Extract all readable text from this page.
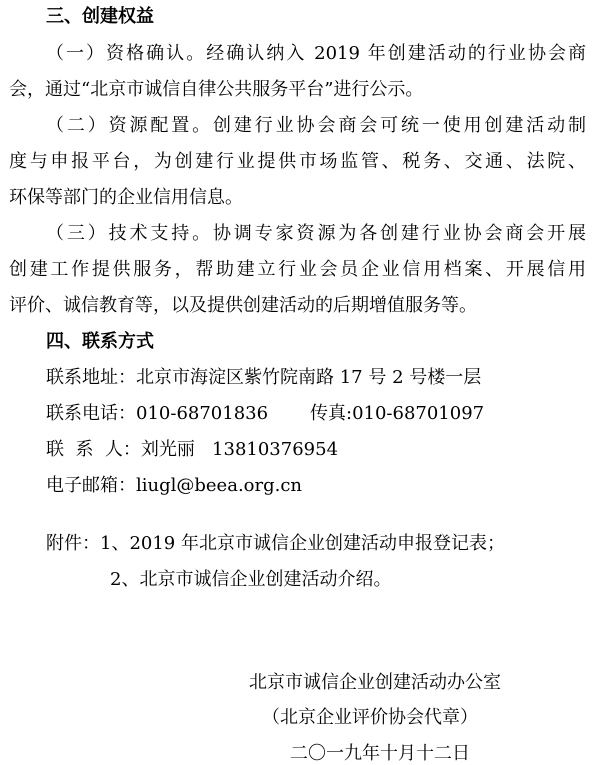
三、创建权益
（一）资格确认。经确认纳入 2019 年创建活动的行业协会商
会，通过“北京市诚信自律公共服务平台”进行公示。
（二）资源配置。创建行业协会商会可统一使用创建活动制
度与申报平台，为创建行业提供市场监管、税务、交通、法院、
环保等部门的企业信用信息。
（三）技术支持。协调专家资源为各创建行业协会商会开展
创建工作提供服务，帮助建立行业会员企业信用档案、开展信用
评价、诚信教育等，以及提供创建活动的后期增值服务等。
四、联系方式
联系地址：北京市海淀区紫竹院南路 17 号 2 号楼一层
联系电话：010-68701836 传真:010-68701097
联  系  人：刘光丽   13810376954
电子邮箱：liugl@beea.org.cn
附件：1、2019 年北京市诚信企业创建活动申报登记表；
2、北京市诚信企业创建活动介绍。
北京市诚信企业创建活动办公室
（北京企业评价协会代章）
二〇一九年十月十二日
